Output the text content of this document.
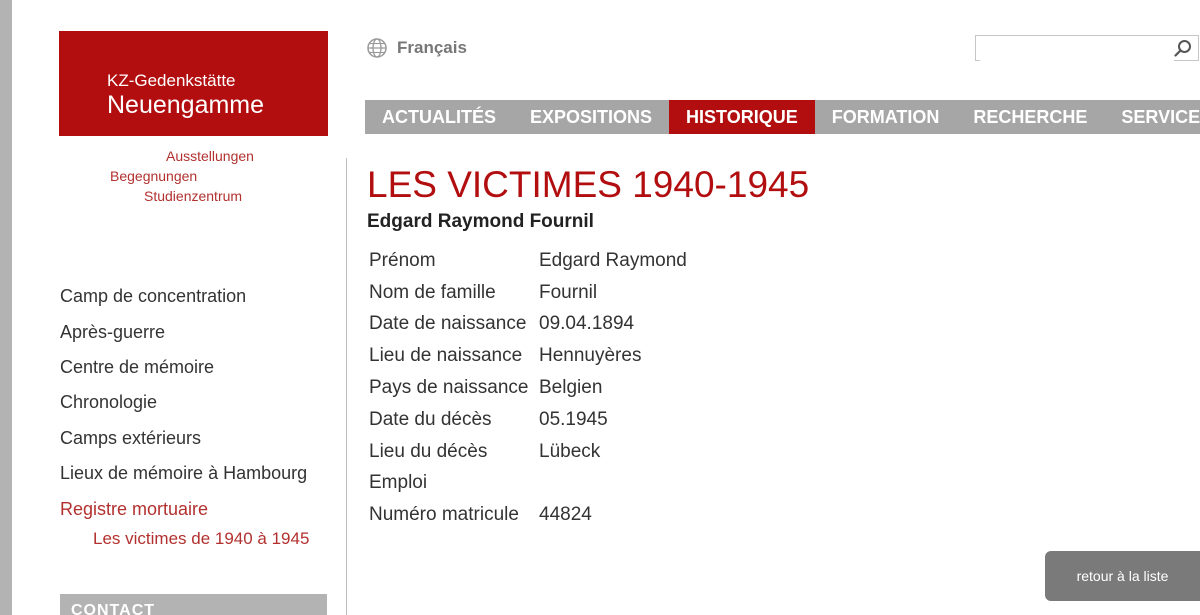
KZ-Gedenkstätte
Neuengamme
Ausstellungen
Begegnungen
Studienzentrum
Français
ACTUALITÉS	EXPOSITIONS	HISTORIQUE	FORMATION	RECHERCHE	SERVICE
Camp de concentration
Après-guerre
Centre de mémoire
Chronologie
Camps extérieurs
Lieux de mémoire à Hambourg
Registre mortuaire
Les victimes de 1940 à 1945
CONTACT
LES VICTIMES 1940-1945
Edgard Raymond Fournil
Prénom	Edgard Raymond
Nom de famille	Fournil
Date de naissance	09.04.1894
Lieu de naissance	Hennuyères
Pays de naissance	Belgien
Date du décès	05.1945
Lieu du décès	Lübeck
Emploi	
Numéro matricule	44824
retour à la liste
